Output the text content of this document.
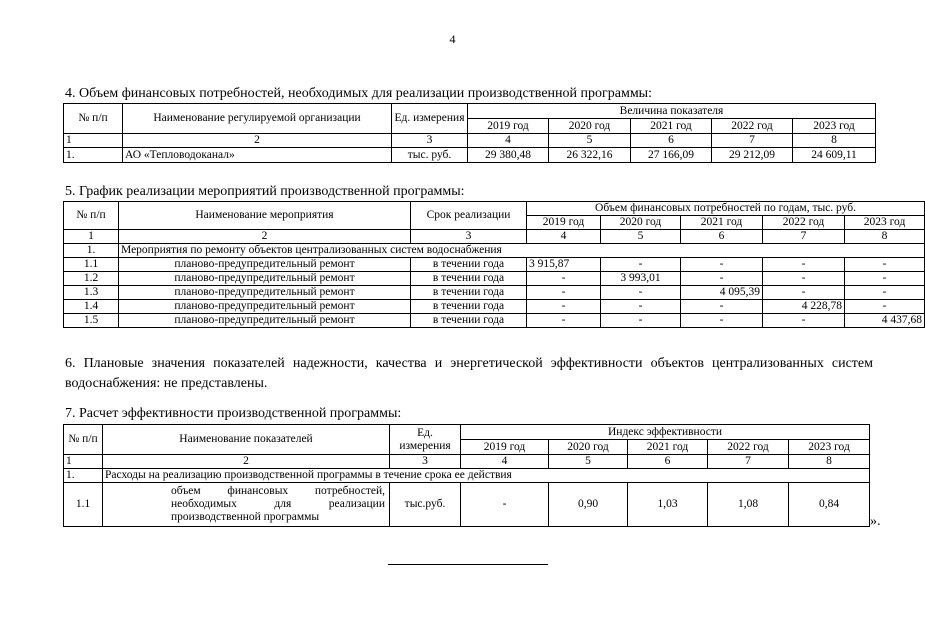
4
4. Объем финансовых потребностей, необходимых для реализации производственной программы:
№ п/п	Наименование регулируемой организации	Ед. измерения	Величина показателя				
			2019 год	2020 год	2021 год	2022 год	2023 год
1	2	3	4	5	6	7	8
1.	АО «Тепловодоканал»	тыс. руб.	29 380,48	26 322,16	27 166,09	29 212,09	24 609,11
5. График реализации мероприятий производственной программы:
№ п/п	Наименование мероприятия	Срок реализации	Объем финансовых потребностей по годам, тыс. руб.				
			2019 год	2020 год	2021 год	2022 год	2023 год
1	2	3	4	5	6	7	8
1.	Мероприятия по ремонту объектов централизованных систем водоснабжения						
1.1	планово-предупредительный ремонт	в течении года	3 915,87	-	-	-	-
1.2	планово-предупредительный ремонт	в течении года	-	3 993,01	-	-	-
1.3	планово-предупредительный ремонт	в течении года	-	-	4 095,39	-	-
1.4	планово-предупредительный ремонт	в течении года	-	-	-	4 228,78	-
1.5	планово-предупредительный ремонт	в течении года	-	-	-	-	4 437,68
6. Плановые значения показателей надежности, качества и энергетической эффективности объектов централизованных систем водоснабжения: не представлены.
7. Расчет эффективности производственной программы:
№ п/п	Наименование показателей	Ед. измерения	Индекс эффективности				
			2019 год	2020 год	2021 год	2022 год	2023 год
1	2	3	4	5	6	7	8
1.	Расходы на реализацию производственной программы в течение срока ее действия						
1.1	объем финансовых потребностей,
необходимых для реализации
производственной программы	тыс.руб.	-	0,90	1,03	1,08	0,84
».
